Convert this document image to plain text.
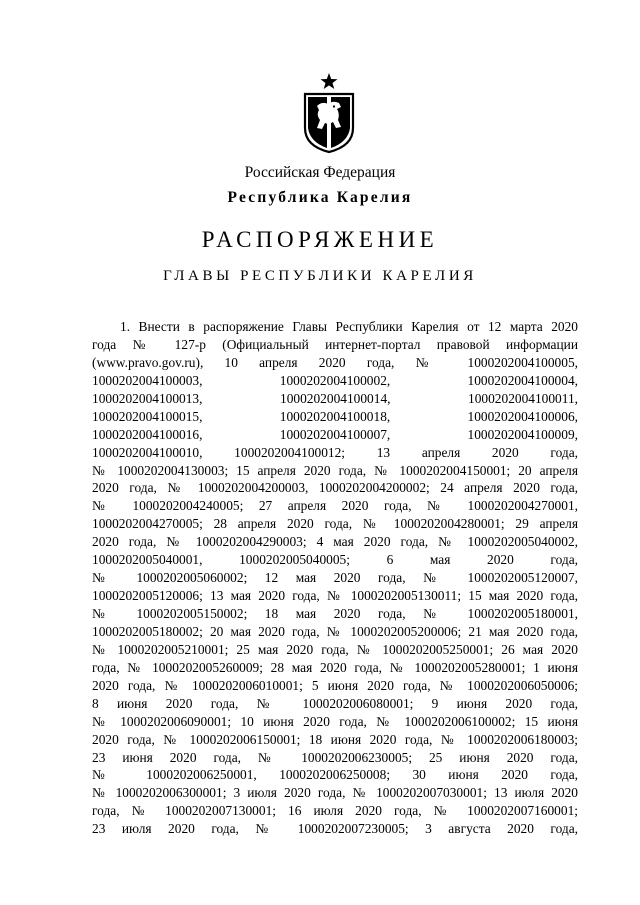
Российская Федерация
Республика Карелия
РАСПОРЯЖЕНИЕ
ГЛАВЫ РЕСПУБЛИКИ КАРЕЛИЯ
1. Внести в распоряжение Главы Республики Карелия от 12 марта 2020
года № 127-р (Официальный интернет-портал правовой информации
(www.pravo.gov.ru), 10 апреля 2020 года, № 1000202004100005,
1000202004100003, 1000202004100002, 1000202004100004,
1000202004100013, 1000202004100014, 1000202004100011,
1000202004100015, 1000202004100018, 1000202004100006,
1000202004100016, 1000202004100007, 1000202004100009,
1000202004100010, 1000202004100012; 13 апреля 2020 года,
№ 1000202004130003; 15 апреля 2020 года, № 1000202004150001; 20 апреля
2020 года, № 1000202004200003, 1000202004200002; 24 апреля 2020 года,
№ 1000202004240005; 27 апреля 2020 года, № 1000202004270001,
1000202004270005; 28 апреля 2020 года, № 1000202004280001; 29 апреля
2020 года, № 1000202004290003; 4 мая 2020 года, № 1000202005040002,
1000202005040001, 1000202005040005; 6 мая 2020 года,
№ 1000202005060002; 12 мая 2020 года, № 1000202005120007,
1000202005120006; 13 мая 2020 года, № 1000202005130011; 15 мая 2020 года,
№ 1000202005150002; 18 мая 2020 года, № 1000202005180001,
1000202005180002; 20 мая 2020 года, № 1000202005200006; 21 мая 2020 года,
№ 1000202005210001; 25 мая 2020 года, № 1000202005250001; 26 мая 2020
года, № 1000202005260009; 28 мая 2020 года, № 1000202005280001; 1 июня
2020 года, № 1000202006010001; 5 июня 2020 года, № 1000202006050006;
8 июня 2020 года, № 1000202006080001; 9 июня 2020 года,
№ 1000202006090001; 10 июня 2020 года, № 1000202006100002; 15 июня
2020 года, № 1000202006150001; 18 июня 2020 года, № 1000202006180003;
23 июня 2020 года, № 1000202006230005; 25 июня 2020 года,
№ 1000202006250001, 1000202006250008; 30 июня 2020 года,
№ 1000202006300001; 3 июля 2020 года, № 1000202007030001; 13 июля 2020
года, № 1000202007130001; 16 июля 2020 года, № 1000202007160001;
23 июля 2020 года, № 1000202007230005; 3 августа 2020 года,
